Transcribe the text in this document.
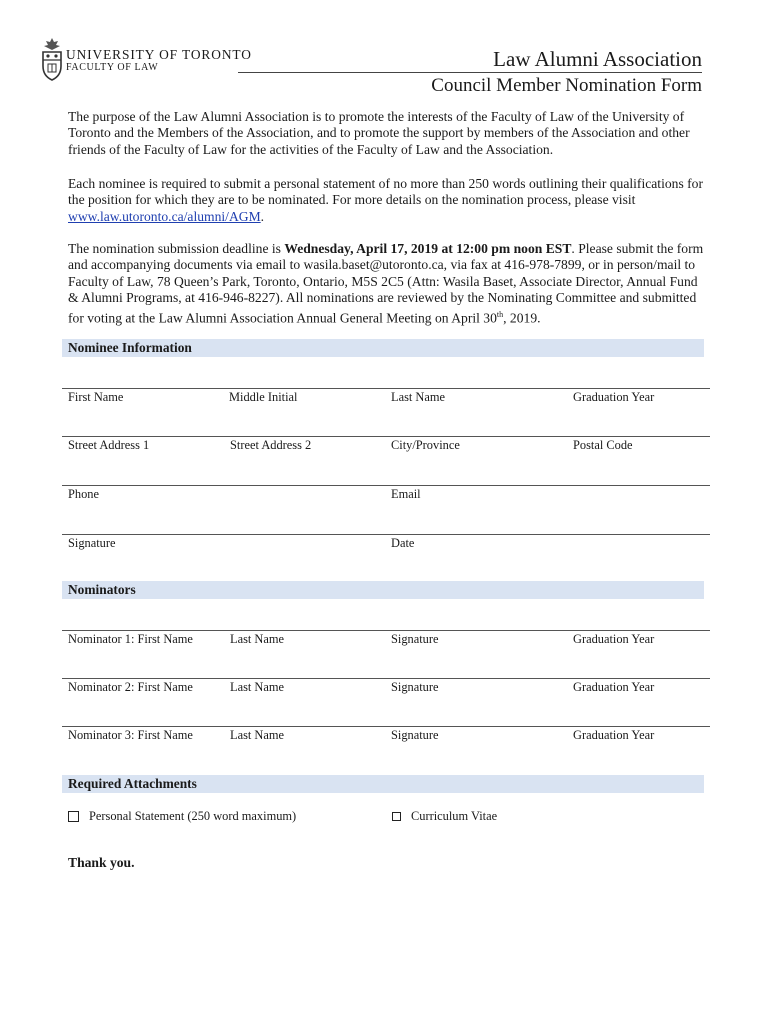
UNIVERSITY OF TORONTO
FACULTY OF LAW	Law Alumni Association
Council Member Nomination Form
The purpose of the Law Alumni Association is to promote the interests of the Faculty of Law of the University of Toronto and the Members of the Association, and to promote the support by members of the Association and other friends of the Faculty of Law for the activities of the Faculty of Law and the Association.
Each nominee is required to submit a personal statement of no more than 250 words outlining their qualifications for the position for which they are to be nominated. For more details on the nomination process, please visit www.law.utoronto.ca/alumni/AGM.
The nomination submission deadline is Wednesday, April 17, 2019 at 12:00 pm noon EST. Please submit the form and accompanying documents via email to wasila.baset@utoronto.ca, via fax at 416-978-7899, or in person/mail to Faculty of Law, 78 Queen’s Park, Toronto, Ontario, M5S 2C5 (Attn: Wasila Baset, Associate Director, Annual Fund & Alumni Programs, at 416-946-8227). All nominations are reviewed by the Nominating Committee and submitted for voting at the Law Alumni Association Annual General Meeting on April 30th, 2019.
Nominee Information
First Name	Middle Initial	Last Name	Graduation Year
Street Address 1	Street Address 2	City/Province	Postal Code
Phone	Email
Signature	Date
Nominators
Nominator 1: First Name	Last Name	Signature	Graduation Year
Nominator 2: First Name	Last Name	Signature	Graduation Year
Nominator 3: First Name	Last Name	Signature	Graduation Year
Required Attachments
Personal Statement (250 word maximum)	Curriculum Vitae
Thank you.
